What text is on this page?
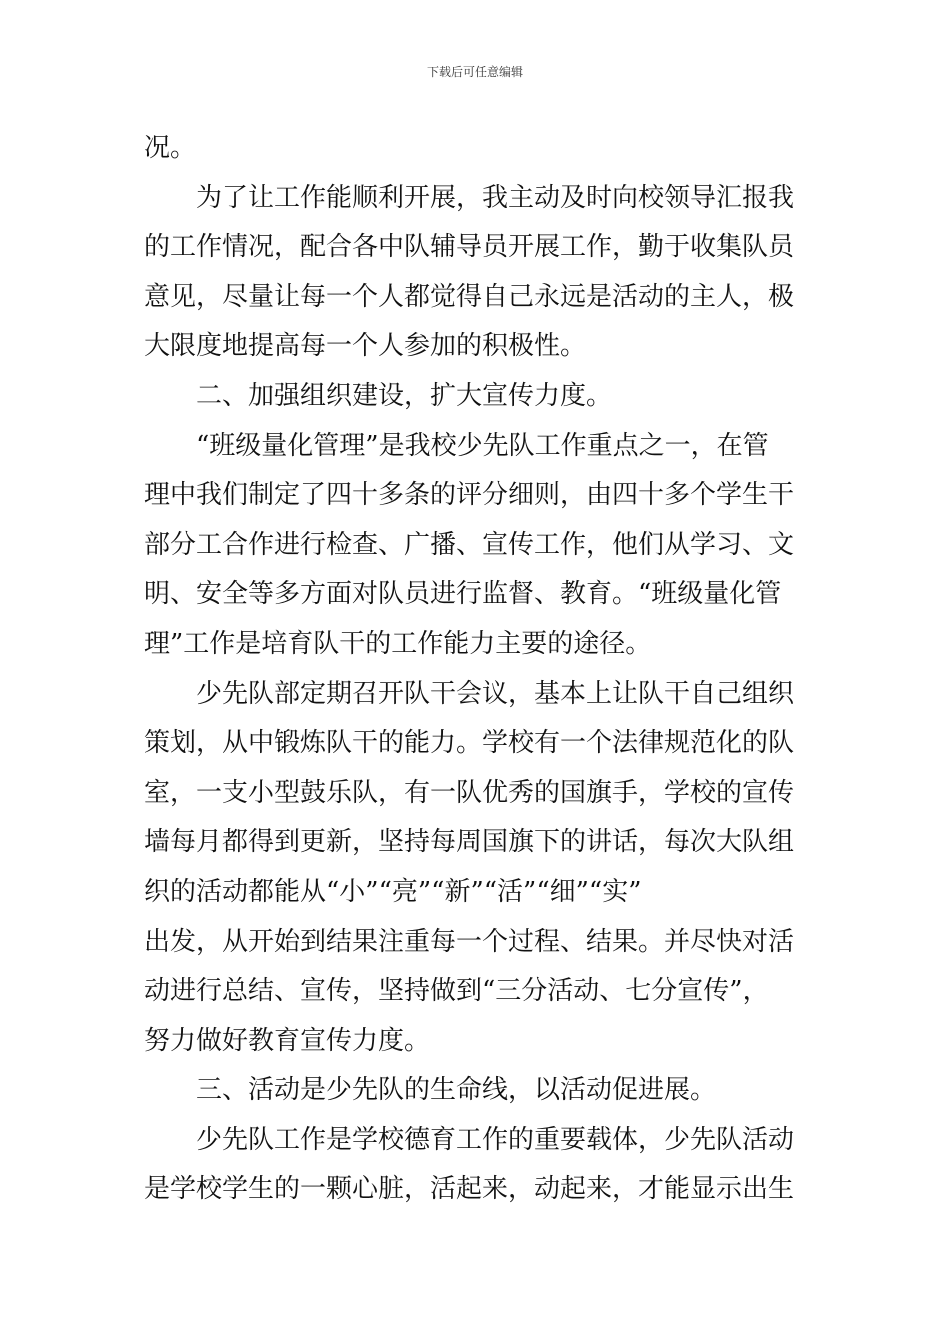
下载后可任意编辑
况。
为了让工作能顺利开展，我主动及时向校领导汇报我
的工作情况，配合各中队辅导员开展工作，勤于收集队员
意见，尽量让每一个人都觉得自己永远是活动的主人，极
大限度地提高每一个人参加的积极性。
二、加强组织建设，扩大宣传力度。
“班级量化管理”是我校少先队工作重点之一，在管
理中我们制定了四十多条的评分细则，由四十多个学生干
部分工合作进行检查、广播、宣传工作，他们从学习、文
明、安全等多方面对队员进行监督、教育。“班级量化管
理”工作是培育队干的工作能力主要的途径。
少先队部定期召开队干会议，基本上让队干自己组织
策划，从中锻炼队干的能力。学校有一个法律规范化的队
室，一支小型鼓乐队，有一队优秀的国旗手，学校的宣传
墙每月都得到更新，坚持每周国旗下的讲话，每次大队组
织的活动都能从“小”“亮”“新”“活”“细”“实”
出发，从开始到结果注重每一个过程、结果。并尽快对活
动进行总结、宣传，坚持做到“三分活动、七分宣传”，
努力做好教育宣传力度。
三、活动是少先队的生命线，以活动促进展。
少先队工作是学校德育工作的重要载体，少先队活动
是学校学生的一颗心脏，活起来，动起来，才能显示出生
